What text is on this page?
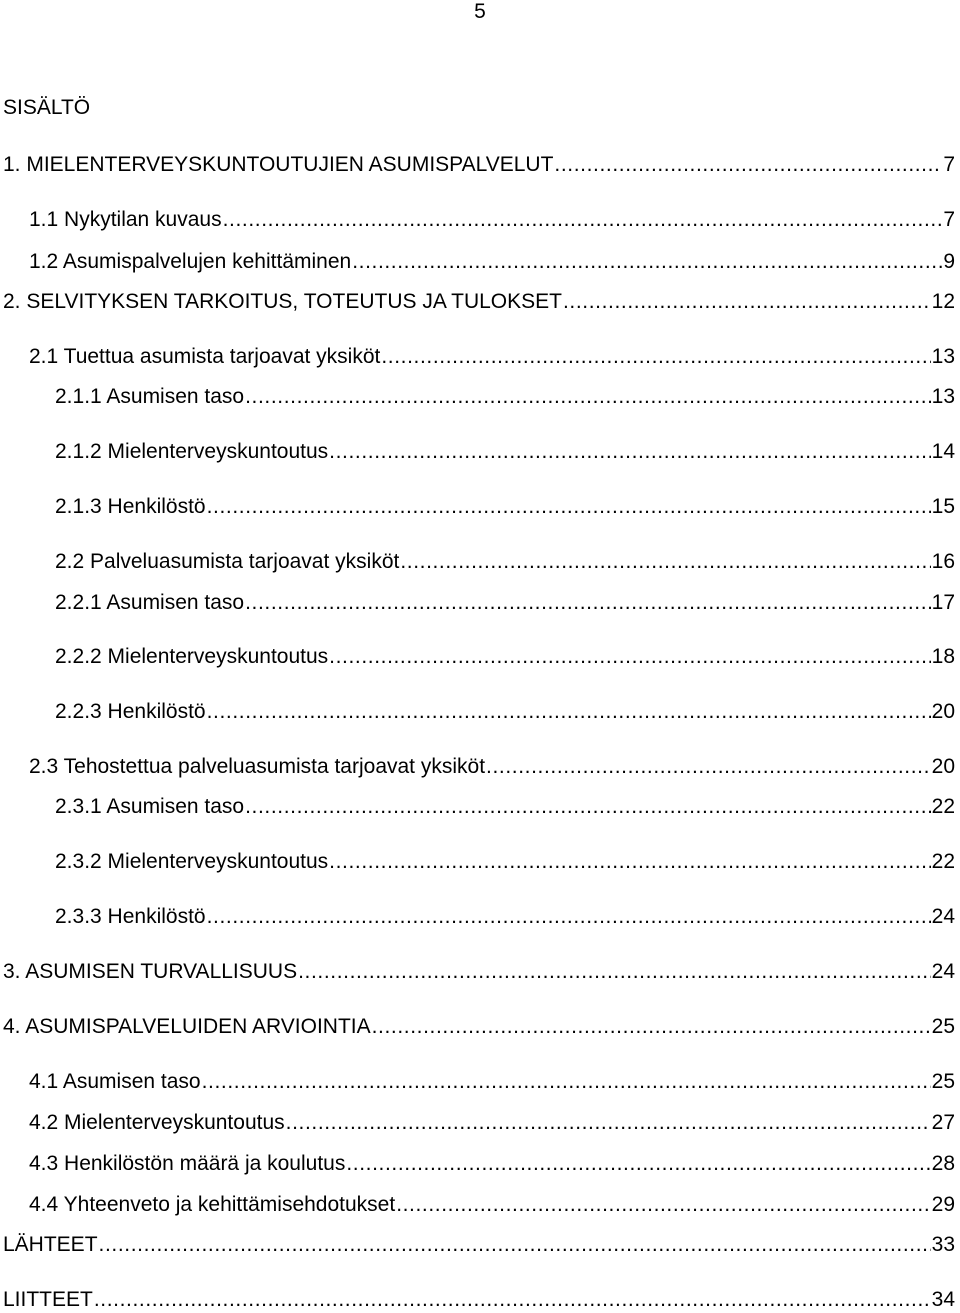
5
SISÄLTÖ
1. MIELENTERVEYSKUNTOUTUJIEN ASUMISPALVELUT .....	7
1.1 Nykytilan kuvaus .....	7
1.2 Asumispalvelujen kehittäminen .....	9
2. SELVITYKSEN TARKOITUS, TOTEUTUS JA TULOKSET .....	12
2.1 Tuettua asumista tarjoavat yksiköt .....	13
2.1.1 Asumisen taso .....	13
2.1.2 Mielenterveyskuntoutus .....	14
2.1.3 Henkilöstö .....	15
2.2 Palveluasumista tarjoavat yksiköt .....	16
2.2.1 Asumisen taso .....	17
2.2.2 Mielenterveyskuntoutus .....	18
2.2.3 Henkilöstö .....	20
2.3 Tehostettua palveluasumista tarjoavat yksiköt .....	20
2.3.1 Asumisen taso .....	22
2.3.2 Mielenterveyskuntoutus .....	22
2.3.3 Henkilöstö .....	24
3. ASUMISEN TURVALLISUUS .....	24
4. ASUMISPALVELUIDEN ARVIOINTIA .....	25
4.1 Asumisen taso .....	25
4.2 Mielenterveyskuntoutus .....	27
4.3 Henkilöstön määrä ja koulutus .....	28
4.4 Yhteenveto ja kehittämisehdotukset .....	29
LÄHTEET .....	33
LIITTEET .....	34
